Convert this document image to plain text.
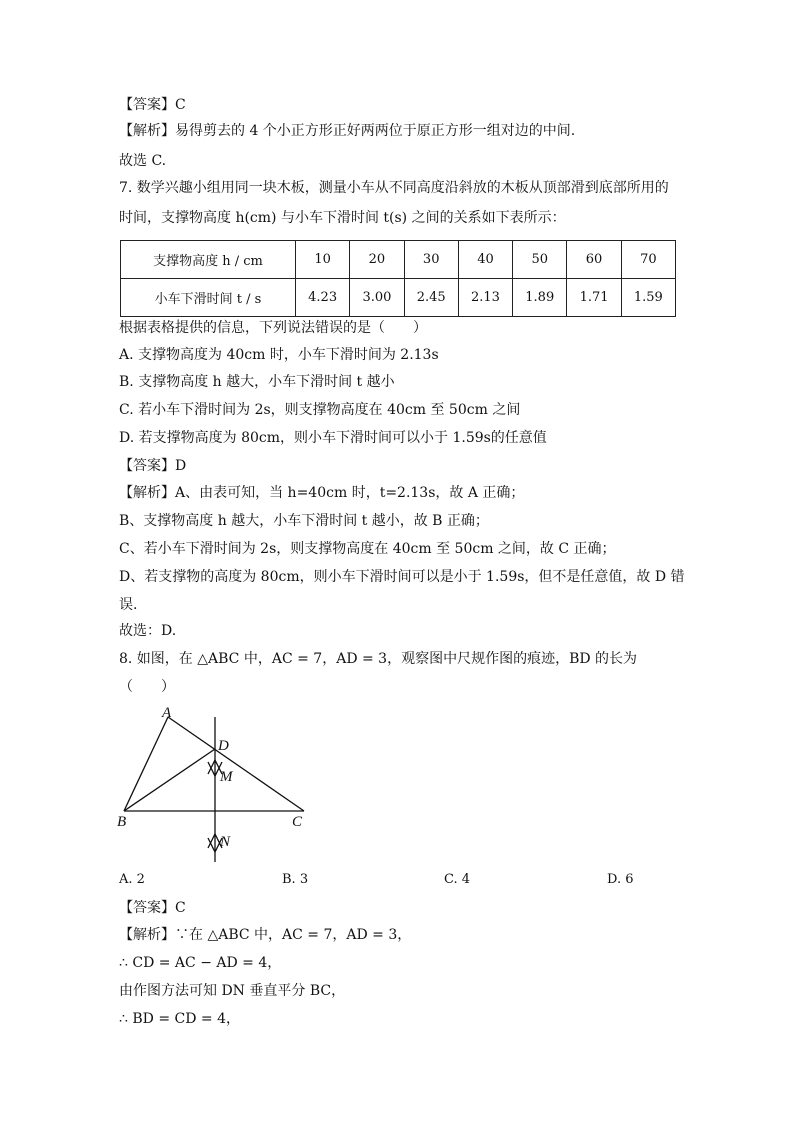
【答案】C
【解析】易得剪去的 4 个小正方形正好两两位于原正方形一组对边的中间.
故选 C.
7. 数学兴趣小组用同一块木板，测量小车从不同高度沿斜放的木板从顶部滑到底部所用的
时间，支撑物高度 h(cm) 与小车下滑时间 t(s) 之间的关系如下表所示：
支撑物高度 h / cm	10	20	30	40	50	60	70
小车下滑时间 t / s	4.23	3.00	2.45	2.13	1.89	1.71	1.59
根据表格提供的信息，下列说法错误的是（　　）
A. 支撑物高度为 40cm 时，小车下滑时间为 2.13s
B. 支撑物高度 h 越大，小车下滑时间 t 越小
C. 若小车下滑时间为 2s，则支撑物高度在 40cm 至 50cm 之间
D. 若支撑物高度为 80cm，则小车下滑时间可以小于 1.59s的任意值
【答案】D
【解析】A、由表可知，当 h=40cm 时，t=2.13s，故 A 正确；
B、支撑物高度 h 越大，小车下滑时间 t 越小，故 B 正确；
C、若小车下滑时间为 2s，则支撑物高度在 40cm 至 50cm 之间，故 C 正确；
D、若支撑物的高度为 80cm，则小车下滑时间可以是小于 1.59s，但不是任意值，故 D 错
误.
故选：D.
8. 如图，在 △ABC 中，AC = 7，AD = 3，观察图中尺规作图的痕迹，BD 的长为
（　　）
A
D
M
B	C
N
A. 2	B. 3	C. 4	D. 6
【答案】C
【解析】∵在 △ABC 中，AC = 7，AD = 3，
∴ CD = AC − AD = 4，
由作图方法可知 DN 垂直平分 BC，
∴ BD = CD = 4，
